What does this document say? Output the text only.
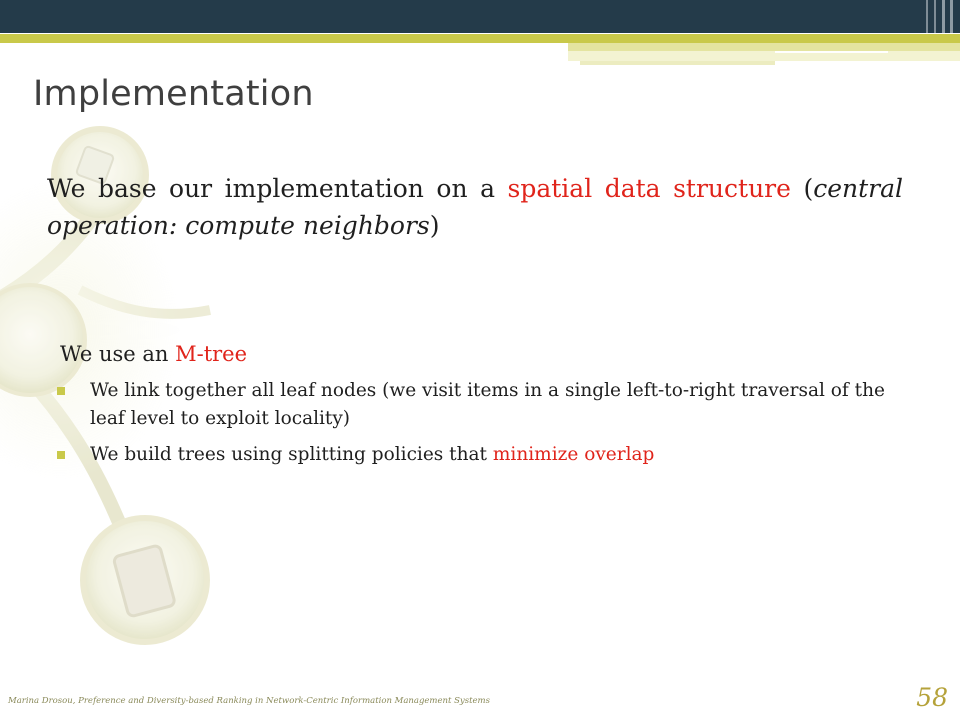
Implementation

We base our implementation on a spatial data structure (central operation: compute neighbors)

We use an M-tree

We link together all leaf nodes (we visit items in a single left-to-right traversal of the leaf level to exploit locality)
We build trees using splitting policies that minimize overlap
Marina Drosou, Preference and Diversity-based Ranking in Network-Centric Information Management Systems	58
